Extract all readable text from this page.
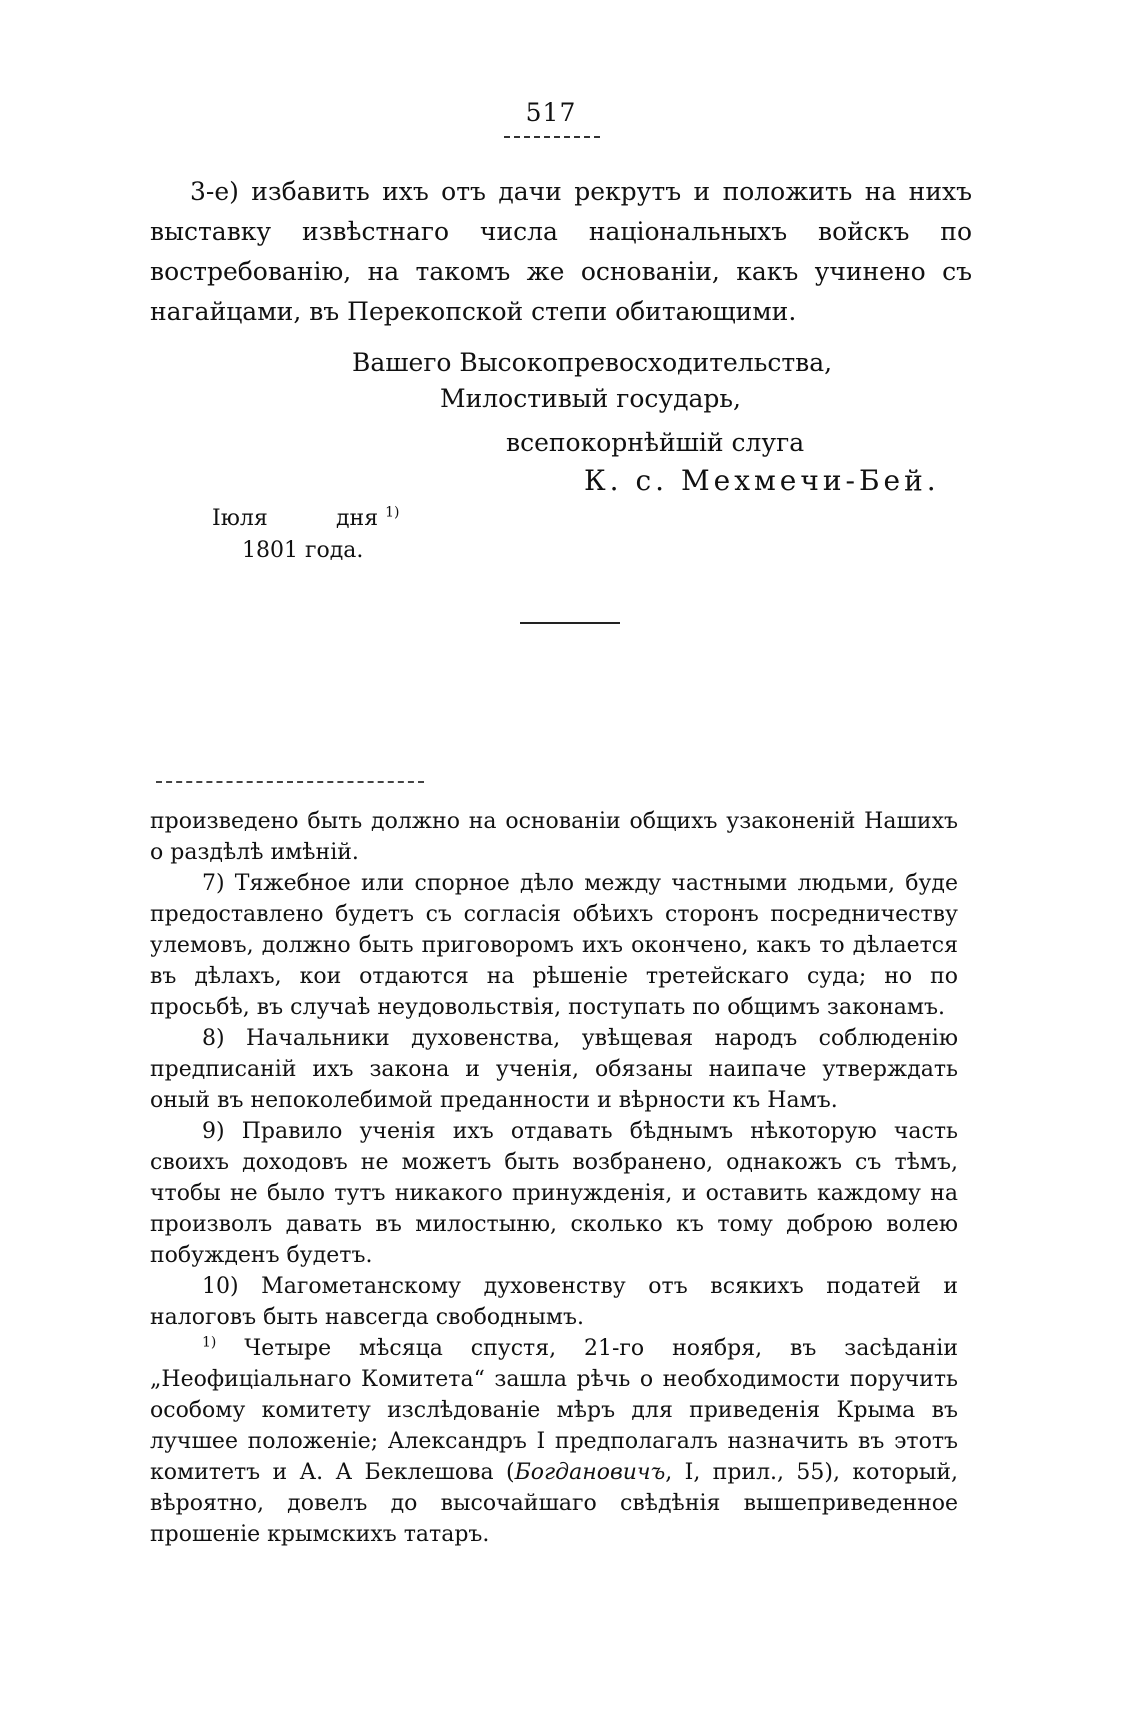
517

3-е) избавить ихъ отъ дачи рекрутъ и положить на нихъ выставку извѣстнаго числа національныхъ войскъ по востребованію, на такомъ же основаніи, какъ учинено съ нагайцами, въ Перекопской степи обитающими.

Вашего Высокопревосходительства,
Милостивый государь,
всепокорнѣйшій слуга
К. с. Мехмечи-Бей.
Іюля	дня $^{1)}$
1801 года.

произведено быть должно на основаніи общихъ узаконеній Нашихъ о раздѣлѣ имѣній.

7) Тяжебное или спорное дѣло между частными людьми, буде предоставлено будетъ съ согласія обѣихъ сторонъ посредничеству улемовъ, должно быть приговоромъ ихъ окончено, какъ то дѣлается въ дѣлахъ, кои отдаются на рѣшеніе третейскаго суда; но по просьбѣ, въ случаѣ неудовольствія, поступать по общимъ законамъ.

8) Начальники духовенства, увѣщевая народъ соблюденію предписаній ихъ закона и ученія, обязаны наипаче утверждать оный въ непоколебимой преданности и вѣрности къ Намъ.

9) Правило ученія ихъ отдавать бѣднымъ нѣкоторую часть своихъ доходовъ не можетъ быть возбранено, однакожъ съ тѣмъ, чтобы не было тутъ никакого принужденія, и оставить каждому на произволъ давать въ милостыню, сколько къ тому доброю волею побужденъ будетъ.

10) Магометанскому духовенству отъ всякихъ податей и налоговъ быть навсегда свободнымъ.

$^{1)}$ Четыре мѣсяца спустя, 21-го ноября, въ засѣданіи „Неофиціальнаго Комитета“ зашла рѣчь о необходимости поручить особому комитету изслѣдованіе мѣръ для приведенія Крыма въ лучшее положеніе; Александръ I предполагалъ назначить въ этотъ комитетъ и А. А Беклешова (Богдановичъ, I, прил., 55), который, вѣроятно, довелъ до высочайшаго свѣдѣнія вышеприведенное прошеніе крымскихъ татаръ.
